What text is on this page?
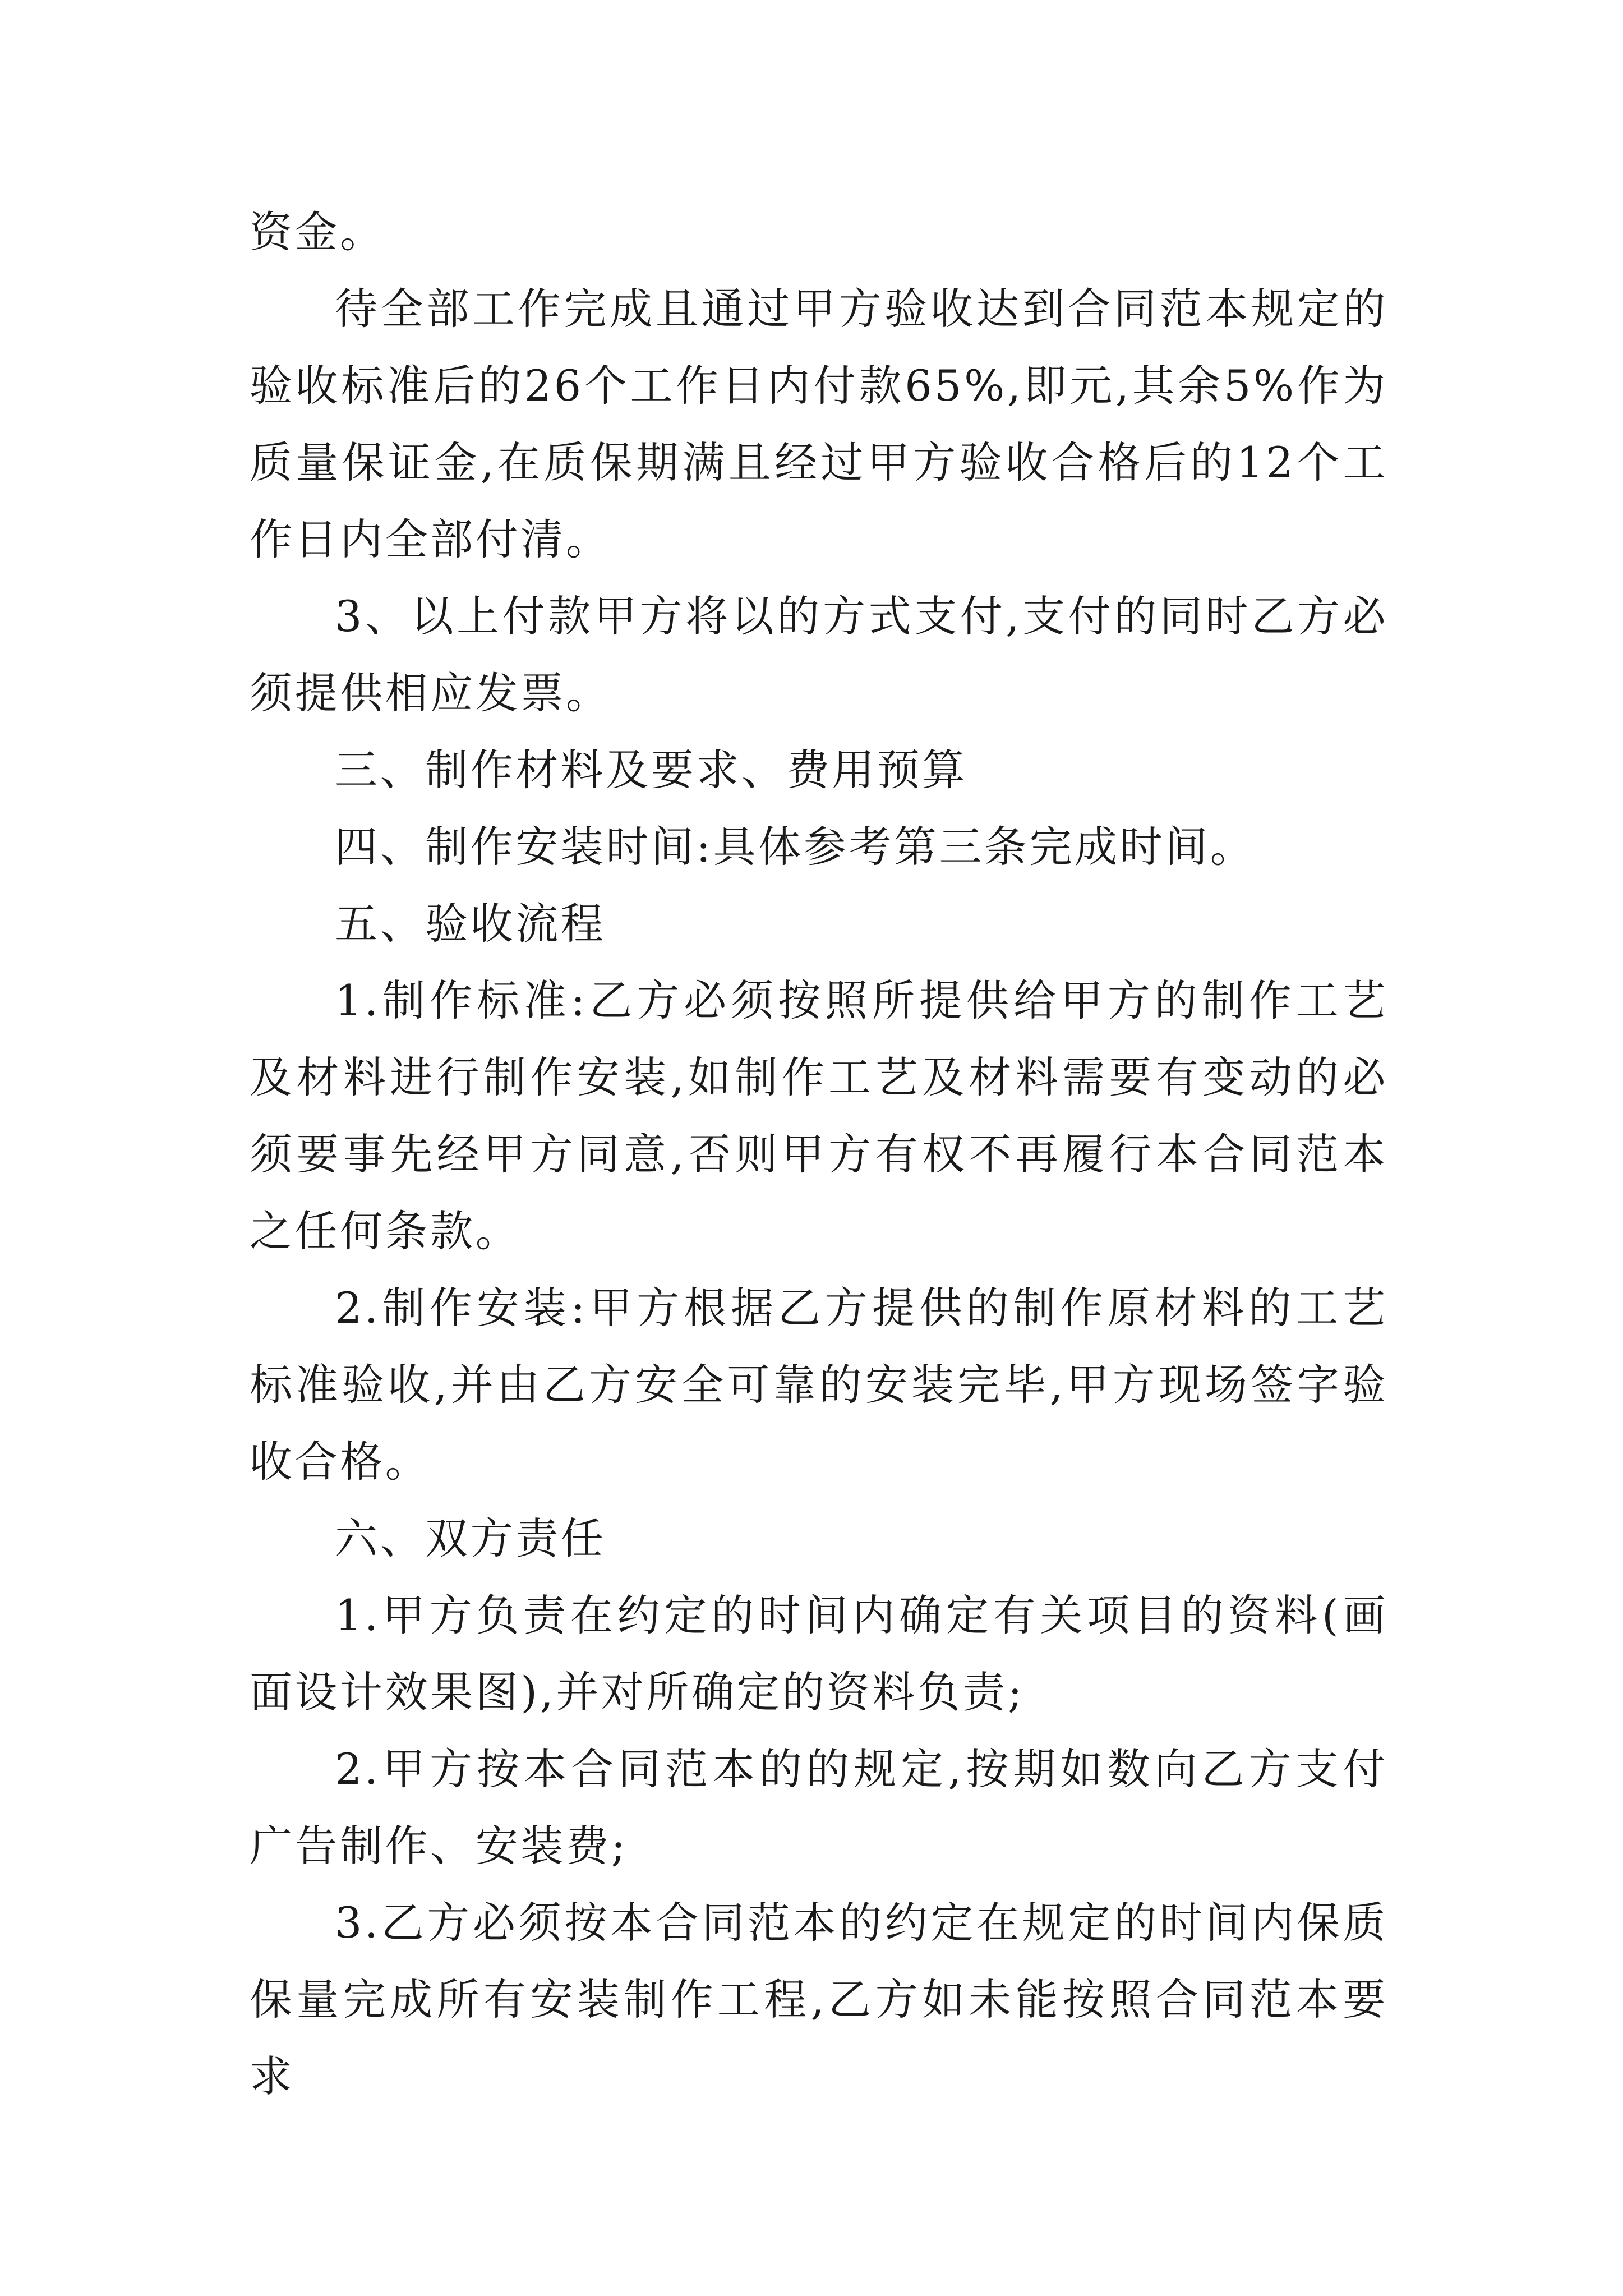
资金。

待全部工作完成且通过甲方验收达到合同范本规定的验收标准后的26个工作日内付款65%,即元,其余5%作为质量保证金,在质保期满且经过甲方验收合格后的12个工作日内全部付清。

3、以上付款甲方将以的方式支付,支付的同时乙方必须提供相应发票。

三、制作材料及要求、费用预算

四、制作安装时间:具体参考第三条完成时间。

五、验收流程

1.制作标准:乙方必须按照所提供给甲方的制作工艺及材料进行制作安装,如制作工艺及材料需要有变动的必须要事先经甲方同意,否则甲方有权不再履行本合同范本之任何条款。

2.制作安装:甲方根据乙方提供的制作原材料的工艺标准验收,并由乙方安全可靠的安装完毕,甲方现场签字验收合格。

六、双方责任

1.甲方负责在约定的时间内确定有关项目的资料(画面设计效果图),并对所确定的资料负责;

2.甲方按本合同范本的的规定,按期如数向乙方支付广告制作、安装费;

3.乙方必须按本合同范本的约定在规定的时间内保质保量完成所有安装制作工程,乙方如未能按照合同范本要求
